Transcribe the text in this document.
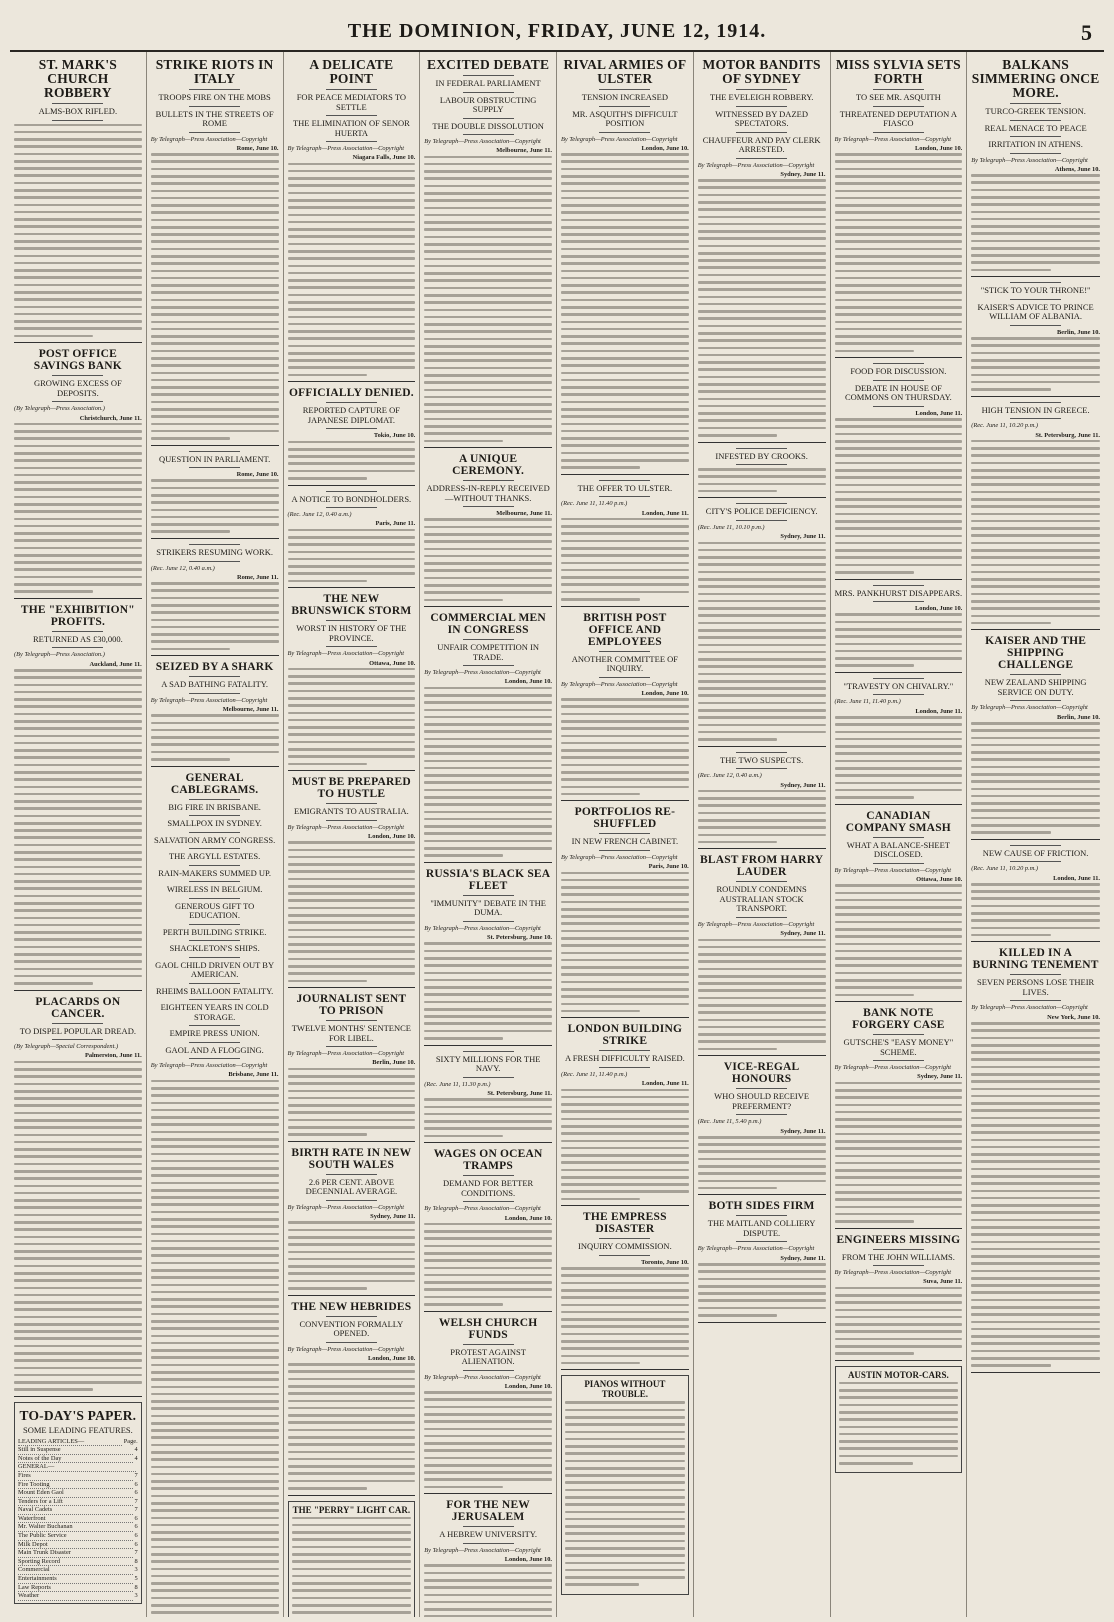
THE DOMINION, FRIDAY, JUNE 12, 1914.	5
ST. MARK'S CHURCH ROBBERY
ALMS-BOX RIFLED.
POST OFFICE SAVINGS BANK
GROWING EXCESS OF DEPOSITS.
(By Telegraph—Press Association.)
Christchurch, June 11.
THE "EXHIBITION" PROFITS.
RETURNED AS £30,000.
(By Telegraph—Press Association.)
Auckland, June 11.
PLACARDS ON CANCER.
TO DISPEL POPULAR DREAD.
(By Telegraph—Special Correspondent.)
Palmerston, June 11.
TO-DAY'S PAPER.
SOME LEADING FEATURES.
LEADING ARTICLES—	Page.
Still in Suspense	4
Notes of the Day	4
GENERAL—
Fires	7
Fire Tooting	6
Mount Eden Gaol	6
Tenders for a Lift	7
Naval Cadets	7
Waterfront	6
Mr. Walter Buchanan	6
The Public Service	6
Milk Depot	6
Main Trunk Disaster	7
Sporting Record	8
Commercial	3
Entertainments	5
Law Reports	8
Weather	3
STRIKE RIOTS IN ITALY
TROOPS FIRE ON THE MOBS
BULLETS IN THE STREETS OF ROME
By Telegraph—Press Association—Copyright
Rome, June 10.
QUESTION IN PARLIAMENT.
Rome, June 10.
STRIKERS RESUMING WORK.
(Rec. June 12, 0.40 a.m.)
Rome, June 11.
SEIZED BY A SHARK
A SAD BATHING FATALITY.
By Telegraph—Press Association—Copyright
Melbourne, June 11.
GENERAL CABLEGRAMS.
BIG FIRE IN BRISBANE.
SMALLPOX IN SYDNEY.
SALVATION ARMY CONGRESS.
THE ARGYLL ESTATES.
RAIN-MAKERS SUMMED UP.
WIRELESS IN BELGIUM.
GENEROUS GIFT TO EDUCATION.
PERTH BUILDING STRIKE.
SHACKLETON'S SHIPS.
GAOL CHILD DRIVEN OUT BY AMERICAN.
RHEIMS BALLOON FATALITY.
EIGHTEEN YEARS IN COLD STORAGE.
EMPIRE PRESS UNION.
GAOL AND A FLOGGING.
By Telegraph—Press Association—Copyright
Brisbane, June 11.
A DELICATE POINT
FOR PEACE MEDIATORS TO SETTLE
THE ELIMINATION OF SENOR HUERTA
By Telegraph—Press Association—Copyright
Niagara Falls, June 10.
OFFICIALLY DENIED.
REPORTED CAPTURE OF JAPANESE DIPLOMAT.
Tokio, June 10.
A NOTICE TO BONDHOLDERS.
(Rec. June 12, 0.40 a.m.)
Paris, June 11.
THE NEW BRUNSWICK STORM
WORST IN HISTORY OF THE PROVINCE.
By Telegraph—Press Association—Copyright
Ottawa, June 10.
MUST BE PREPARED TO HUSTLE
EMIGRANTS TO AUSTRALIA.
By Telegraph—Press Association—Copyright
London, June 10.
JOURNALIST SENT TO PRISON
TWELVE MONTHS' SENTENCE FOR LIBEL.
By Telegraph—Press Association—Copyright
Berlin, June 10.
BIRTH RATE IN NEW SOUTH WALES
2.6 PER CENT. ABOVE DECENNIAL AVERAGE.
By Telegraph—Press Association—Copyright
Sydney, June 11.
THE NEW HEBRIDES
CONVENTION FORMALLY OPENED.
By Telegraph—Press Association—Copyright
London, June 10.
THE "PERRY" LIGHT CAR.
EXCITED DEBATE
IN FEDERAL PARLIAMENT
LABOUR OBSTRUCTING SUPPLY
THE DOUBLE DISSOLUTION
By Telegraph—Press Association—Copyright
Melbourne, June 11.
A UNIQUE CEREMONY.
ADDRESS-IN-REPLY RECEIVED—WITHOUT THANKS.
Melbourne, June 11.
COMMERCIAL MEN IN CONGRESS
UNFAIR COMPETITION IN TRADE.
By Telegraph—Press Association—Copyright
London, June 10.
RUSSIA'S BLACK SEA FLEET
"IMMUNITY" DEBATE IN THE DUMA.
By Telegraph—Press Association—Copyright
St. Petersburg, June 10.
SIXTY MILLIONS FOR THE NAVY.
(Rec. June 11, 11.30 p.m.)
St. Petersburg, June 11.
WAGES ON OCEAN TRAMPS
DEMAND FOR BETTER CONDITIONS.
By Telegraph—Press Association—Copyright
London, June 10.
WELSH CHURCH FUNDS
PROTEST AGAINST ALIENATION.
By Telegraph—Press Association—Copyright
London, June 10.
FOR THE NEW JERUSALEM
A HEBREW UNIVERSITY.
By Telegraph—Press Association—Copyright
London, June 10.
RIVAL ARMIES OF ULSTER
TENSION INCREASED
MR. ASQUITH'S DIFFICULT POSITION
By Telegraph—Press Association—Copyright
London, June 10.
THE OFFER TO ULSTER.
(Rec. June 11, 11.40 p.m.)
London, June 11.
BRITISH POST OFFICE AND EMPLOYEES
ANOTHER COMMITTEE OF INQUIRY.
By Telegraph—Press Association—Copyright
London, June 10.
PORTFOLIOS RE-SHUFFLED
IN NEW FRENCH CABINET.
By Telegraph—Press Association—Copyright
Paris, June 10.
LONDON BUILDING STRIKE
A FRESH DIFFICULTY RAISED.
(Rec. June 11, 11.40 p.m.)
London, June 11.
THE EMPRESS DISASTER
INQUIRY COMMISSION.
Toronto, June 10.
PIANOS WITHOUT TROUBLE.
MOTOR BANDITS OF SYDNEY
THE EVELEIGH ROBBERY.
WITNESSED BY DAZED SPECTATORS.
CHAUFFEUR AND PAY CLERK ARRESTED.
By Telegraph—Press Association—Copyright
Sydney, June 11.
INFESTED BY CROOKS.
CITY'S POLICE DEFICIENCY.
(Rec. June 11, 10.10 p.m.)
Sydney, June 11.
THE TWO SUSPECTS.
(Rec. June 12, 0.40 a.m.)
Sydney, June 11.
BLAST FROM HARRY LAUDER
ROUNDLY CONDEMNS AUSTRALIAN STOCK TRANSPORT.
By Telegraph—Press Association—Copyright
Sydney, June 11.
VICE-REGAL HONOURS
WHO SHOULD RECEIVE PREFERMENT?
(Rec. June 11, 5.40 p.m.)
Sydney, June 11.
BOTH SIDES FIRM
THE MAITLAND COLLIERY DISPUTE.
By Telegraph—Press Association—Copyright
Sydney, June 11.
MISS SYLVIA SETS FORTH
TO SEE MR. ASQUITH
THREATENED DEPUTATION A FIASCO
By Telegraph—Press Association—Copyright
London, June 10.
FOOD FOR DISCUSSION.
DEBATE IN HOUSE OF COMMONS ON THURSDAY.
London, June 11.
MRS. PANKHURST DISAPPEARS.
London, June 10.
"TRAVESTY ON CHIVALRY."
(Rec. June 11, 11.40 p.m.)
London, June 11.
CANADIAN COMPANY SMASH
WHAT A BALANCE-SHEET DISCLOSED.
By Telegraph—Press Association—Copyright
Ottawa, June 10.
BANK NOTE FORGERY CASE
GUTSCHE'S "EASY MONEY" SCHEME.
By Telegraph—Press Association—Copyright
Sydney, June 11.
ENGINEERS MISSING
FROM THE JOHN WILLIAMS.
By Telegraph—Press Association—Copyright
Suva, June 11.
AUSTIN MOTOR-CARS.
BALKANS SIMMERING ONCE MORE.
TURCO-GREEK TENSION.
REAL MENACE TO PEACE
IRRITATION IN ATHENS.
By Telegraph—Press Association—Copyright
Athens, June 10.
"STICK TO YOUR THRONE!"
KAISER'S ADVICE TO PRINCE WILLIAM OF ALBANIA.
Berlin, June 10.
HIGH TENSION IN GREECE.
(Rec. June 11, 10.20 p.m.)
St. Petersburg, June 11.
KAISER AND THE SHIPPING CHALLENGE
NEW ZEALAND SHIPPING SERVICE ON DUTY.
By Telegraph—Press Association—Copyright
Berlin, June 10.
NEW CAUSE OF FRICTION.
(Rec. June 11, 10.20 p.m.)
London, June 11.
KILLED IN A BURNING TENEMENT
SEVEN PERSONS LOSE THEIR LIVES.
By Telegraph—Press Association—Copyright
New York, June 10.
